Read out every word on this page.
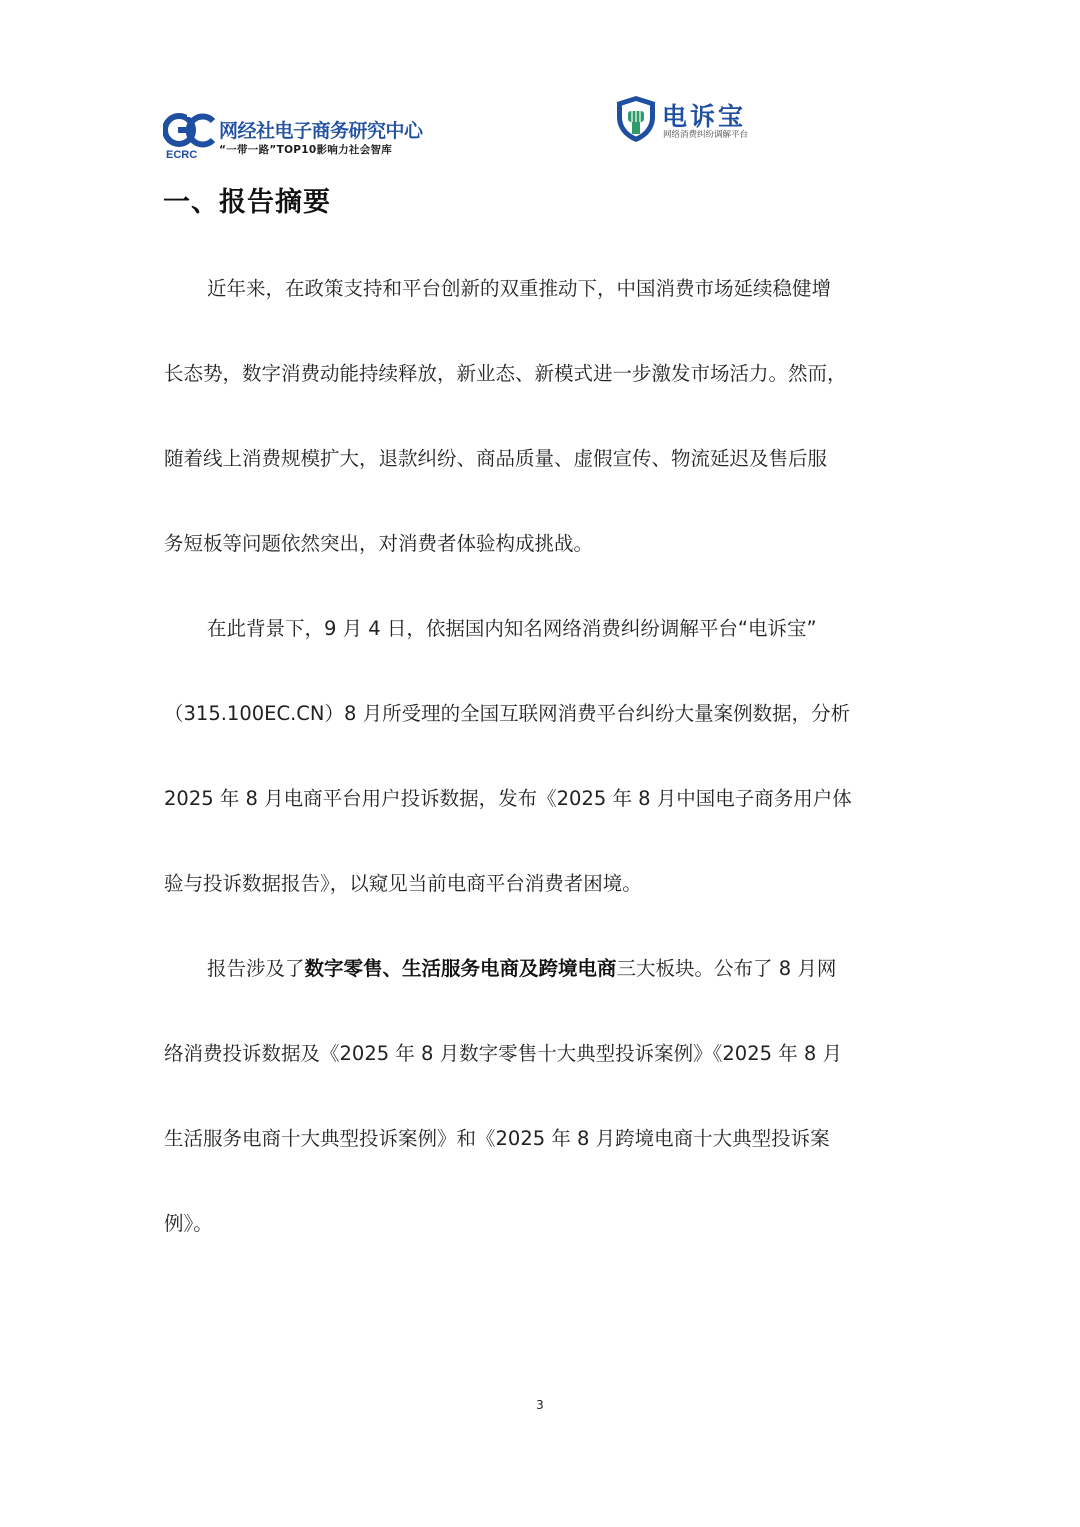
ECRC
网经社电子商务研究中心
“一带一路”TOP10影响力社会智库
电诉宝
网络消费纠纷调解平台
一、报告摘要
近年来，在政策支持和平台创新的双重推动下，中国消费市场延续稳健增
长态势，数字消费动能持续释放，新业态、新模式进一步激发市场活力。然而，
随着线上消费规模扩大，退款纠纷、商品质量、虚假宣传、物流延迟及售后服
务短板等问题依然突出，对消费者体验构成挑战。
在此背景下，9 月 4 日，依据国内知名网络消费纠纷调解平台“电诉宝”
（315.100EC.CN）8 月所受理的全国互联网消费平台纠纷大量案例数据，分析
2025 年 8 月电商平台用户投诉数据，发布《2025 年 8 月中国电子商务用户体
验与投诉数据报告》，以窥见当前电商平台消费者困境。
报告涉及了数字零售、生活服务电商及跨境电商三大板块。公布了 8 月网
络消费投诉数据及《2025 年 8 月数字零售十大典型投诉案例》《2025 年 8 月
生活服务电商十大典型投诉案例》和《2025 年 8 月跨境电商十大典型投诉案
例》。
3
